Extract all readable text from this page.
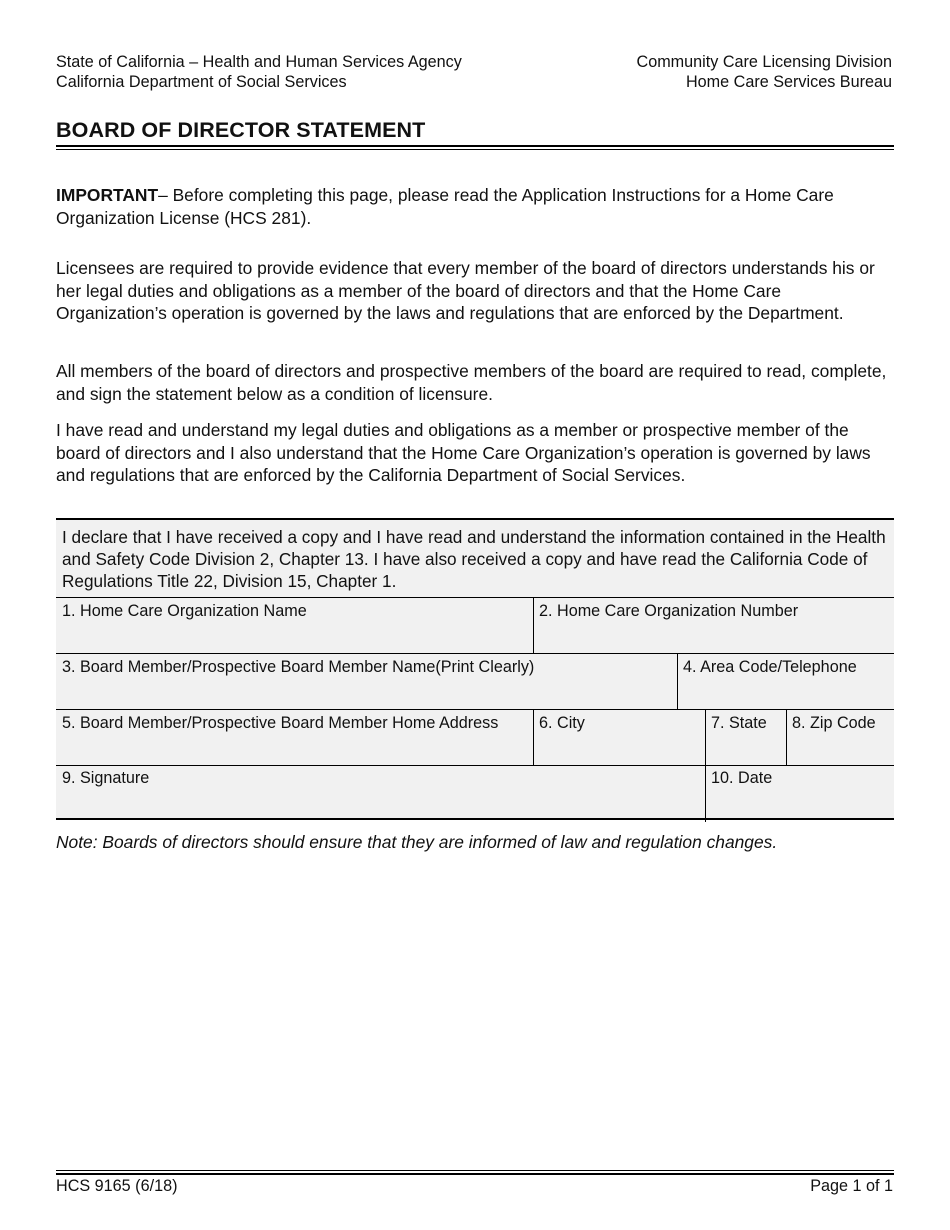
State of California – Health and Human Services Agency
California Department of Social Services
Community Care Licensing Division
Home Care Services Bureau
BOARD OF DIRECTOR STATEMENT
IMPORTANT– Before completing this page, please read the Application Instructions for a Home Care Organization License (HCS 281).
Licensees are required to provide evidence that every member of the board of directors understands his or her legal duties and obligations as a member of the board of directors and that the Home Care Organization’s operation is governed by the laws and regulations that are enforced by the Department.
All members of the board of directors and prospective members of the board are required to read, complete, and sign the statement below as a condition of licensure.
I have read and understand my legal duties and obligations as a member or prospective member of the board of directors and I also understand that the Home Care Organization’s operation is governed by laws and regulations that are enforced by the California Department of Social Services.
I declare that I have received a copy and I have read and understand the information contained in the Health and Safety Code Division 2, Chapter 13. I have also received a copy and have read the California Code of Regulations Title 22, Division 15, Chapter 1.
1. Home Care Organization Name	2. Home Care Organization Number
3. Board Member/Prospective Board Member Name(Print Clearly)	4. Area Code/Telephone
5. Board Member/Prospective Board Member Home Address	6. City	7. State 8. Zip Code
9. Signature	10. Date
Note: Boards of directors should ensure that they are informed of law and regulation changes.
HCS 9165 (6/18)	Page 1 of 1
